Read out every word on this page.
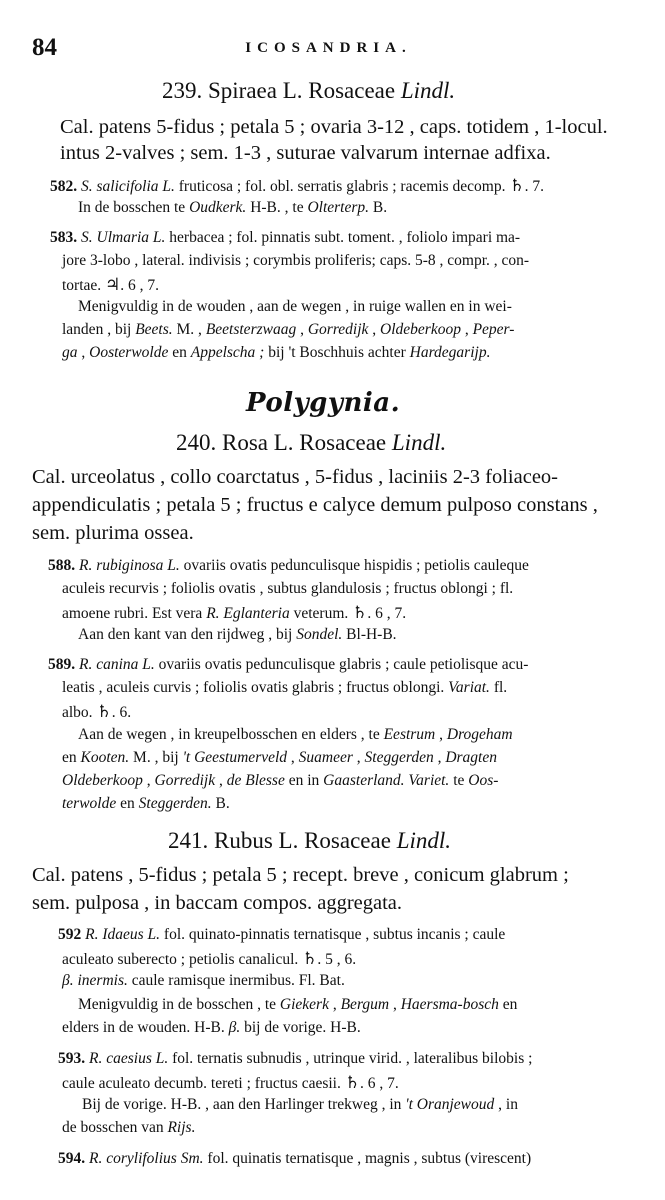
84	ICOSANDRIA.
239. Spiraea L. Rosaceae Lindl.
Cal. patens 5-fidus ; petala 5 ; ovaria 3-12 , caps. totidem , 1-locul.
intus 2-valves ; sem. 1-3 , suturae valvarum internae adfixa.
582. S. salicifolia L. fruticosa ; fol. obl. serratis glabris ; racemis decomp. ♄. 7.
In de bosschen te Oudkerk. H-B. , te Olterterp. B.
583. S. Ulmaria L. herbacea ; fol. pinnatis subt. toment. , foliolo impari ma-
jore 3-lobo , lateral. indivisis ; corymbis proliferis; caps. 5-8 , compr. , con-
tortae. ♃. 6 , 7.
Menigvuldig in de wouden , aan de wegen , in ruige wallen en in wei-
landen , bij Beets. M. , Beetsterzwaag , Gorredijk , Oldeberkoop , Peper-
ga , Oosterwolde en Appelscha ; bij 't Boschhuis achter Hardegarijp.
Polygynia.
240. Rosa L. Rosaceae Lindl.
Cal. urceolatus , collo coarctatus , 5-fidus , laciniis 2-3 foliaceo-
appendiculatis ; petala 5 ; fructus e calyce demum pulposo constans ,
sem. plurima ossea.
588. R. rubiginosa L. ovariis ovatis pedunculisque hispidis ; petiolis cauleque
aculeis recurvis ; foliolis ovatis , subtus glandulosis ; fructus oblongi ; fl.
amoene rubri. Est vera R. Eglanteria veterum. ♄. 6 , 7.
Aan den kant van den rijdweg , bij Sondel. Bl-H-B.
589. R. canina L. ovariis ovatis pedunculisque glabris ; caule petiolisque acu-
leatis , aculeis curvis ; foliolis ovatis glabris ; fructus oblongi. Variat. fl.
albo. ♄. 6.
Aan de wegen , in kreupelbosschen en elders , te Eestrum , Drogeham
en Kooten. M. , bij 't Geestumerveld , Suameer , Steggerden , Dragten
Oldeberkoop , Gorredijk , de Blesse en in Gaasterland. Variet. te Oos-
terwolde en Steggerden. B.
241. Rubus L. Rosaceae Lindl.
Cal. patens , 5-fidus ; petala 5 ; recept. breve , conicum glabrum ;
sem. pulposa , in baccam compos. aggregata.
592 R. Idaeus L. fol. quinato-pinnatis ternatisque , subtus incanis ; caule
aculeato suberecto ; petiolis canalicul. ♄. 5 , 6.
β. inermis. caule ramisque inermibus. Fl. Bat.
Menigvuldig in de bosschen , te Giekerk , Bergum , Haersma-bosch en
elders in de wouden. H-B. β. bij de vorige. H-B.
593. R. caesius L. fol. ternatis subnudis , utrinque virid. , lateralibus bilobis ;
caule aculeato decumb. tereti ; fructus caesii. ♄. 6 , 7.
Bij de vorige. H-B. , aan den Harlinger trekweg , in 't Oranjewoud , in
de bosschen van Rijs.
594. R. corylifolius Sm. fol. quinatis ternatisque , magnis , subtus (virescent)
